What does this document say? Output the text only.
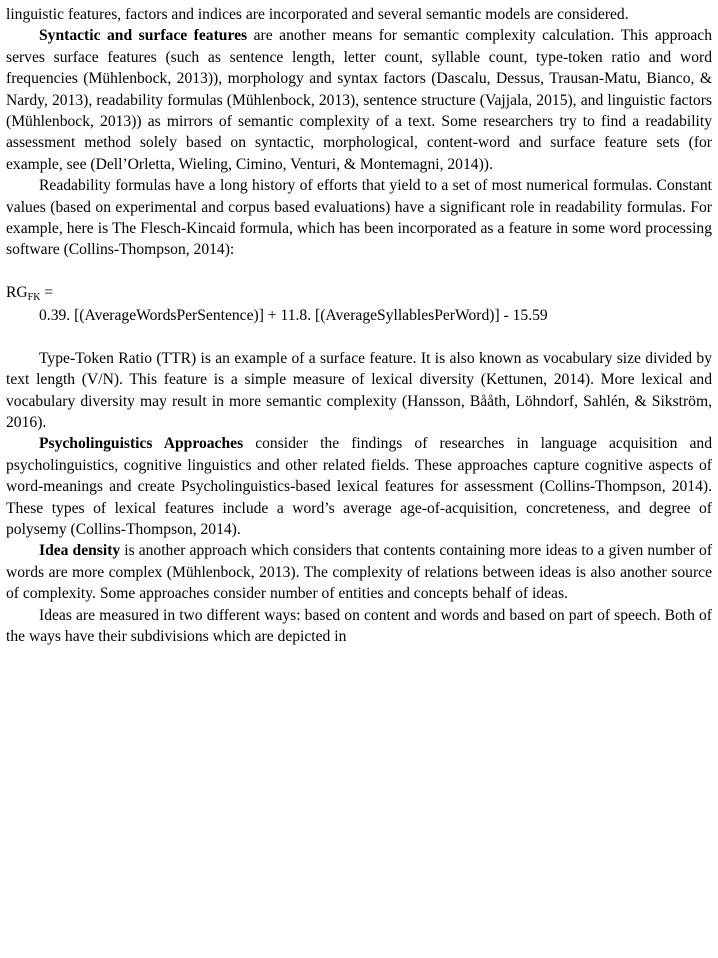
linguistic features, factors and indices are incorporated and several semantic models are considered.

Syntactic and surface features are another means for semantic complexity calculation. This approach serves surface features (such as sentence length, letter count, syllable count, type-token ratio and word frequencies (Mühlenbock, 2013)), morphology and syntax factors (Dascalu, Dessus, Trausan-Matu, Bianco, & Nardy, 2013), readability formulas (Mühlenbock, 2013), sentence structure (Vajjala, 2015), and linguistic factors (Mühlenbock, 2013)) as mirrors of semantic complexity of a text. Some researchers try to find a readability assessment method solely based on syntactic, morphological, content-word and surface feature sets (for example, see (Dell’Orletta, Wieling, Cimino, Venturi, & Montemagni, 2014)).

Readability formulas have a long history of efforts that yield to a set of most numerical formulas. Constant values (based on experimental and corpus based evaluations) have a significant role in readability formulas. For example, here is The Flesch-Kincaid formula, which has been incorporated as a feature in some word processing software (Collins-Thompson, 2014):

$RG_{FK}$ =
0.39. [(AverageWordsPerSentence)] + 11.8. [(AverageSyllablesPerWord)] - 15.59

Type-Token Ratio (TTR) is an example of a surface feature. It is also known as vocabulary size divided by text length (V/N). This feature is a simple measure of lexical diversity (Kettunen, 2014). More lexical and vocabulary diversity may result in more semantic complexity (Hansson, Bååth, Löhndorf, Sahlén, & Sikström, 2016).

Psycholinguistics Approaches consider the findings of researches in language acquisition and psycholinguistics, cognitive linguistics and other related fields. These approaches capture cognitive aspects of word-meanings and create Psycholinguistics-based lexical features for assessment (Collins-Thompson, 2014). These types of lexical features include a word’s average age-of-acquisition, concreteness, and degree of polysemy (Collins-Thompson, 2014).

Idea density is another approach which considers that contents containing more ideas to a given number of words are more complex (Mühlenbock, 2013). The complexity of relations between ideas is also another source of complexity. Some approaches consider number of entities and concepts behalf of ideas.

Ideas are measured in two different ways: based on content and words and based on part of speech. Both of the ways have their subdivisions which are depicted in
